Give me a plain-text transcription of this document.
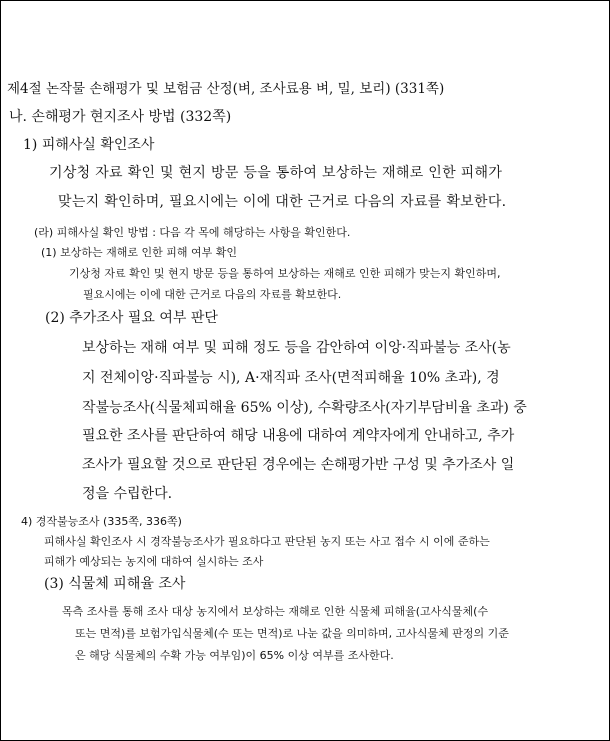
제4절 논작물 손해평가 및 보험금 산정(벼, 조사료용 벼, 밀, 보리) (331쪽)
나. 손해평가 현지조사 방법 (332쪽)
1) 피해사실 확인조사
기상청 자료 확인 및 현지 방문 등을 통하여 보상하는 재해로 인한 피해가
맞는지 확인하며, 필요시에는 이에 대한 근거로 다음의 자료를 확보한다.
(라) 피해사실 확인 방법 : 다음 각 목에 해당하는 사항을 확인한다.
(1) 보상하는 재해로 인한 피해 여부 확인
기상청 자료 확인 및 현지 방문 등을 통하여 보상하는 재해로 인한 피해가 맞는지 확인하며,
필요시에는 이에 대한 근거로 다음의 자료를 확보한다.
(2) 추가조사 필요 여부 판단
보상하는 재해 여부 및 피해 정도 등을 감안하여 이앙·직파불능 조사(농
지 전체이앙·직파불능 시), A·재직파 조사(면적피해율 10% 초과), 경
작불능조사(식물체피해율 65% 이상), 수확량조사(자기부담비율 초과) 중
필요한 조사를 판단하여 해당 내용에 대하여 계약자에게 안내하고, 추가
조사가 필요할 것으로 판단된 경우에는 손해평가반 구성 및 추가조사 일
정을 수립한다.
4) 경작불능조사 (335쪽, 336쪽)
피해사실 확인조사 시 경작불능조사가 필요하다고 판단된 농지 또는 사고 접수 시 이에 준하는
피해가 예상되는 농지에 대하여 실시하는 조사
(3) 식물체 피해율 조사
목측 조사를 통해 조사 대상 농지에서 보상하는 재해로 인한 식물체 피해율(고사식물체(수
또는 면적)를 보험가입식물체(수 또는 면적)로 나눈 값을 의미하며, 고사식물체 판정의 기준
은 해당 식물체의 수확 가능 여부임)이 65% 이상 여부를 조사한다.
